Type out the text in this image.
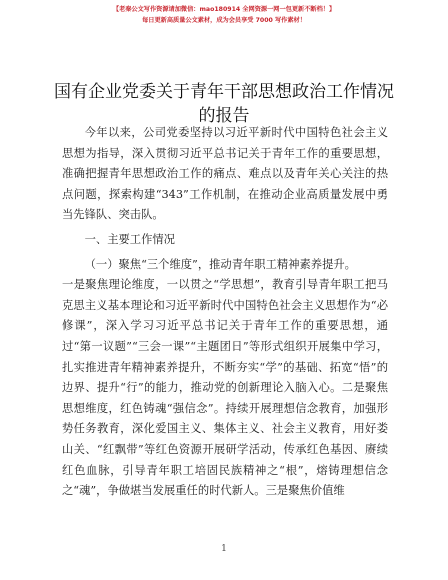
【老秦公文写作资源请加微信：mao180914 全网资源一网一包更新不断档！】
每日更新高质量公文素材，成为会员享受 7000 写作素材！
国有企业党委关于青年干部思想政治工作情况
的报告

今年以来，公司党委坚持以习近平新时代中国特色社会主义思想为指导，深入贯彻习近平总书记关于青年工作的重要思想，准确把握青年思想政治工作的痛点、难点以及青年关心关注的热点问题，探索构建“343”工作机制，在推动企业高质量发展中勇当先锋队、突击队。

一、主要工作情况

（一）聚焦“三个维度”，推动青年职工精神素养提升。

一是聚焦理论维度，一以贯之“学思想”，教育引导青年职工把马克思主义基本理论和习近平新时代中国特色社会主义思想作为“必修课”，深入学习习近平总书记关于青年工作的重要思想，通过“第一议题”“三会一课”“主题团日”等形式组织开展集中学习，扎实推进青年精神素养提升，不断夯实“学”的基础、拓宽“悟”的边界、提升“行”的能力，推动党的创新理论入脑入心。二是聚焦思想维度，红色铸魂“强信念”。持续开展理想信念教育，加强形势任务教育，深化爱国主义、集体主义、社会主义教育，用好娄山关、“红飘带”等红色资源开展研学活动，传承红色基因、赓续红色血脉，引导青年职工培固民族精神之“根”，熔铸理想信念之“魂”，争做堪当发展重任的时代新人。三是聚焦价值维

1
